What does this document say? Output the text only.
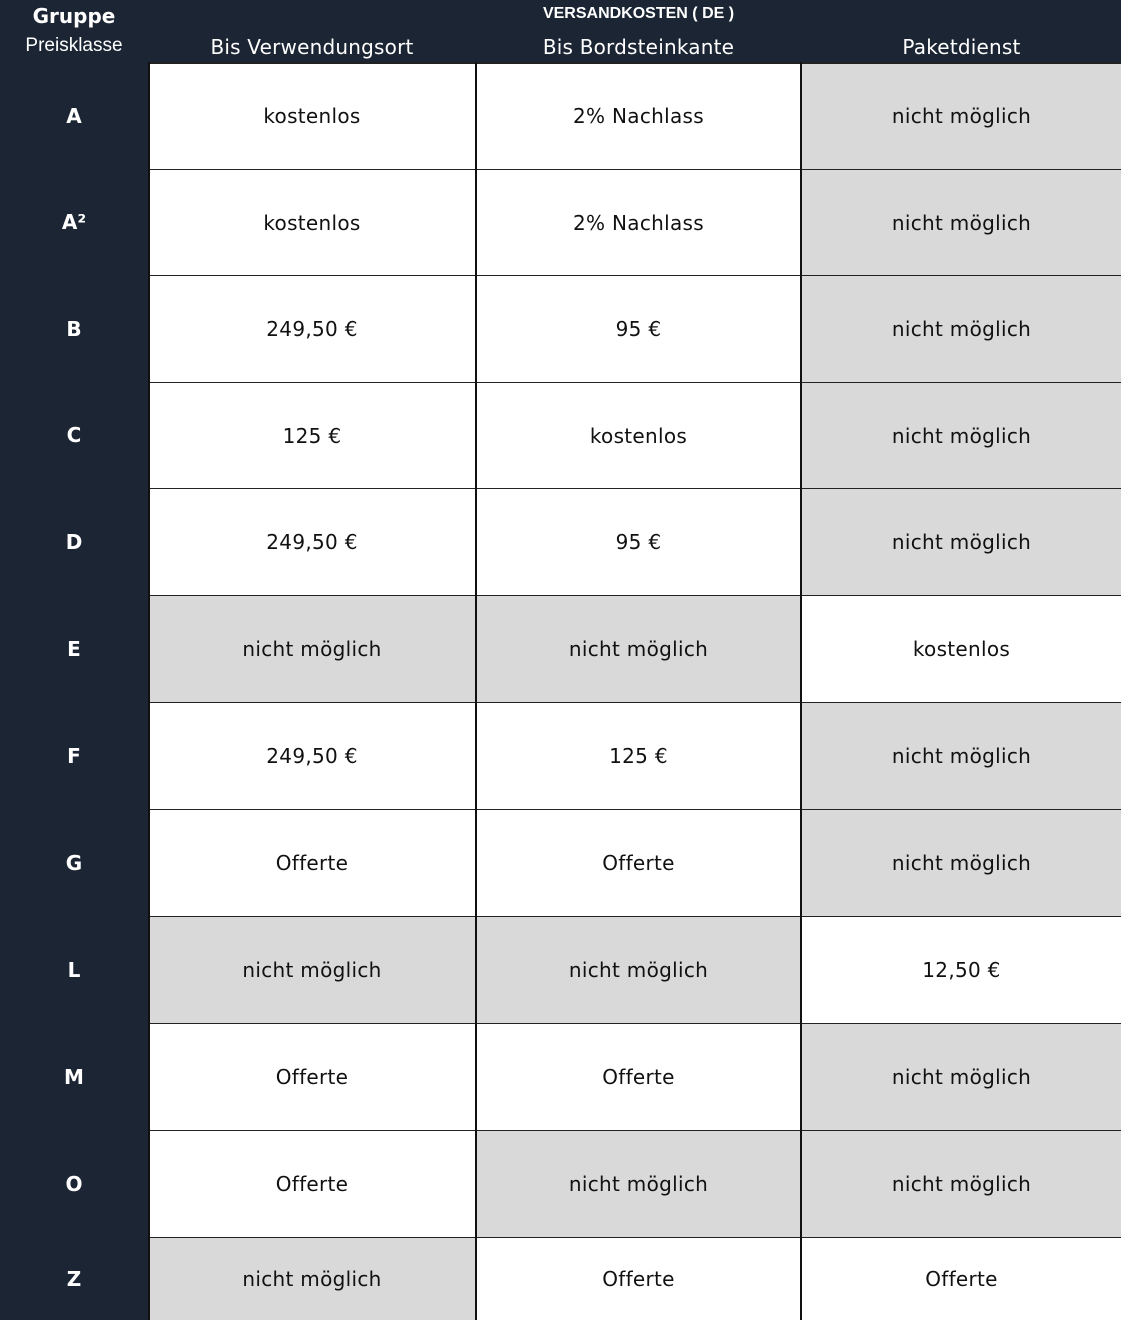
Gruppe
Preisklasse
VERSANDKOSTEN ( DE )
Bis Verwendungsort	Bis Bordsteinkante	Paketdienst
A	kostenlos	2% Nachlass	nicht möglich
A²	kostenlos	2% Nachlass	nicht möglich
B	249,50 €	95 €	nicht möglich
C	125 €	kostenlos	nicht möglich
D	249,50 €	95 €	nicht möglich
E	nicht möglich	nicht möglich	kostenlos
F	249,50 €	125 €	nicht möglich
G	Offerte	Offerte	nicht möglich
L	nicht möglich	nicht möglich	12,50 €
M	Offerte	Offerte	nicht möglich
O	Offerte	nicht möglich	nicht möglich
Z	nicht möglich	Offerte	Offerte
